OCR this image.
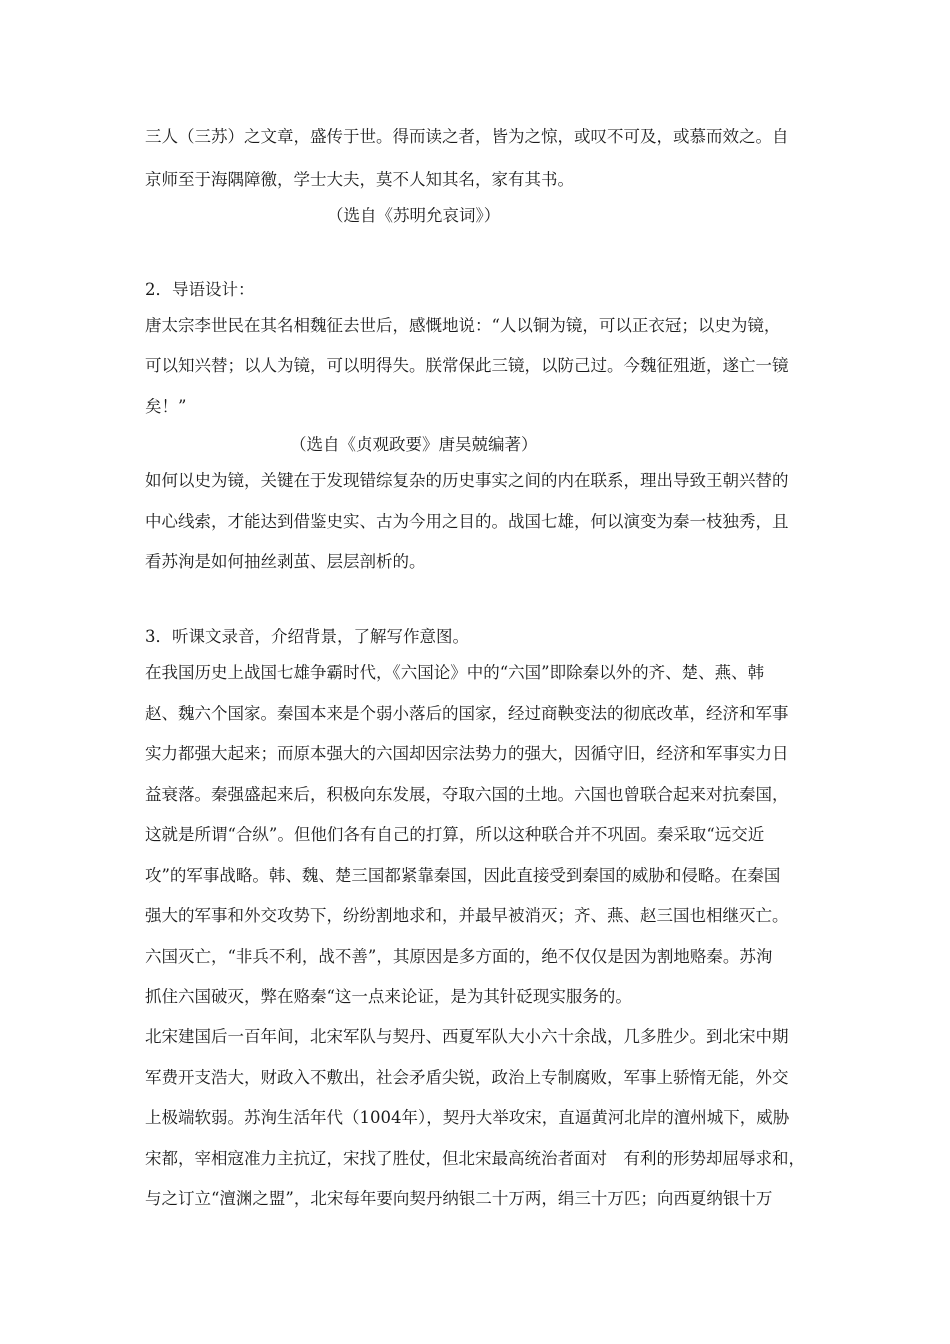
三人（三苏）之文章，盛传于世。得而读之者，皆为之惊，或叹不可及，或慕而效之。自
京师至于海隅障徼，学士大夫，莫不人知其名，家有其书。
（选自《苏明允哀词》）
2．导语设计：
唐太宗李世民在其名相魏征去世后，感慨地说：“人以铜为镜，可以正衣冠；以史为镜，
可以知兴替；以人为镜，可以明得失。朕常保此三镜，以防己过。今魏征殂逝，遂亡一镜
矣！”
（选自《贞观政要》唐吴兢编著）
如何以史为镜，关键在于发现错综复杂的历史事实之间的内在联系，理出导致王朝兴替的
中心线索，才能达到借鉴史实、古为今用之目的。战国七雄，何以演变为秦一枝独秀，且
看苏洵是如何抽丝剥茧、层层剖析的。
3．听课文录音，介绍背景，了解写作意图。
在我国历史上战国七雄争霸时代，《六国论》中的“六国”即除秦以外的齐、楚、燕、韩
赵、魏六个国家。秦国本来是个弱小落后的国家，经过商鞅变法的彻底改革，经济和军事
实力都强大起来；而原本强大的六国却因宗法势力的强大，因循守旧，经济和军事实力日
益衰落。秦强盛起来后，积极向东发展，夺取六国的土地。六国也曾联合起来对抗秦国，
这就是所谓“合纵”。但他们各有自己的打算，所以这种联合并不巩固。秦采取“远交近
攻”的军事战略。韩、魏、楚三国都紧靠秦国，因此直接受到秦国的威胁和侵略。在秦国
强大的军事和外交攻势下，纷纷割地求和，并最早被消灭；齐、燕、赵三国也相继灭亡。
六国灭亡，“非兵不利，战不善”，其原因是多方面的，绝不仅仅是因为割地赂秦。苏洵
抓住六国破灭，弊在赂秦“这一点来论证，是为其针砭现实服务的。
北宋建国后一百年间，北宋军队与契丹、西夏军队大小六十余战，几多胜少。到北宋中期
军费开支浩大，财政入不敷出，社会矛盾尖锐，政治上专制腐败，军事上骄惰无能，外交
上极端软弱。苏洵生活年代（1004年），契丹大举攻宋，直逼黄河北岸的澶州城下，威胁
宋都，宰相寇准力主抗辽，宋找了胜仗，但北宋最高统治者面对　有利的形势却屈辱求和，
与之订立“澶渊之盟”，北宋每年要向契丹纳银二十万两，绢三十万匹；向西夏纳银十万
